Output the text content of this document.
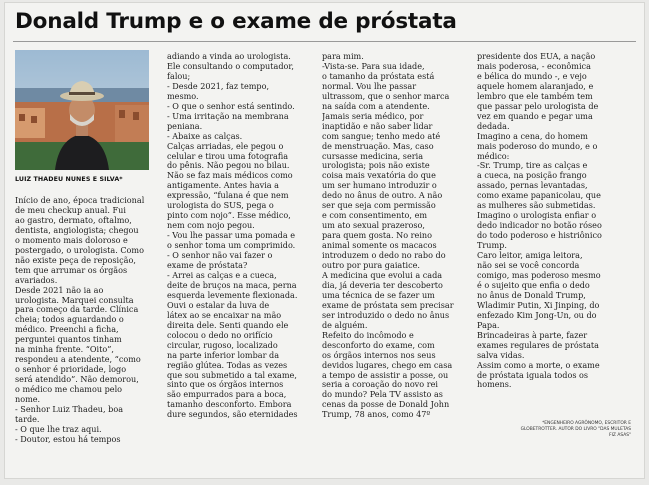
Donald Trump e o exame de próstata
LUIZ THADEU NUNES E SILVA*
Início de ano, época tradicional
de meu checkup anual. Fui
ao gastro, dermato, oftalmo,
dentista, angiologista; chegou
o momento mais doloroso e
postergado, o urologista. Como
não existe peça de reposição,
tem que arrumar os órgãos
avariados.
Desde 2021 não ia ao
urologista. Marquei consulta
para começo da tarde. Clínica
cheia; todos aguardando o
médico. Preenchi a ficha,
perguntei quantos tinham
na minha frente. “Oito”,
respondeu a atendente, “como
o senhor é prioridade, logo
será atendido”. Não demorou,
o médico me chamou pelo
nome.
- Senhor Luiz Thadeu, boa
tarde.
- O que lhe traz aqui.
- Doutor, estou há tempos
adiando a vinda ao urologista.
Ele consultando o computador,
falou;
- Desde 2021, faz tempo,
mesmo.
- O que o senhor está sentindo.
- Uma irritação na membrana
peniana.
- Abaixe as calças.
Calças arriadas, ele pegou o
celular e tirou uma fotografia
do pênis. Não pegou no bilau.
Não se faz mais médicos como
antigamente. Antes havia a
expressão, “fulana é que nem
urologista do SUS, pega o
pinto com nojo”. Esse médico,
nem com nojo pegou.
- Vou lhe passar uma pomada e
o senhor toma um comprimido.
- O senhor não vai fazer o
exame de próstata?
- Arrei as calças e a cueca,
deite de bruços na maca, perna
esquerda levemente flexionada.
Ouvi o estalar da luva de
látex ao se encaixar na mão
direita dele. Senti quando ele
colocou o dedo no orifício
circular, rugoso, localizado
na parte inferior lombar da
região glútea. Todas as vezes
que sou submetido a tal exame,
sinto que os órgãos internos
são empurrados para a boca,
tamanho desconforto. Embora
dure segundos, são eternidades
para mim.
-Vista-se. Para sua idade,
o tamanho da próstata está
normal. Vou lhe passar
ultrassom, que o senhor marca
na saída com a atendente.
Jamais seria médico, por
inaptidão e não saber lidar
com sangue; tenho medo até
de menstruação. Mas, caso
cursasse medicina, seria
urologista; pois não existe
coisa mais vexatória do que
um ser humano introduzir o
dedo no ânus de outro. A não
ser que seja com permissão
e com consentimento, em
um ato sexual prazeroso,
para quem gosta. No reino
animal somente os macacos
introduzem o dedo no rabo do
outro por pura gaiatice.
A medicina que evolui a cada
dia, já deveria ter descoberto
uma técnica de se fazer um
exame de próstata sem precisar
ser introduzido o dedo no ânus
de alguém.
Refeito do incômodo e
desconforto do exame, com
os órgãos internos nos seus
devidos lugares, chego em casa
a tempo de assistir a posse, ou
seria a coroação do novo rei
do mundo? Pela TV assisto as
cenas da posse de Donald John
Trump, 78 anos, como 47º
presidente dos EUA, a nação
mais poderosa, - econômica
e bélica do mundo -, e vejo
aquele homem alaranjado, e
lembro que ele também tem
que passar pelo urologista de
vez em quando e pegar uma
dedada.
Imagino a cena, do homem
mais poderoso do mundo, e o
médico:
-Sr. Trump, tire as calças e
a cueca, na posição frango
assado, pernas levantadas,
como exame papanicolau, que
as mulheres são submetidas.
Imagino o urologista enfiar o
dedo indicador no botão róseo
do todo poderoso e histriônico
Trump.
Caro leitor, amiga leitora,
não sei se você concorda
comigo, mas poderoso mesmo
é o sujeito que enfia o dedo
no ânus de Donald Trump,
Wladimir Putin, Xi Jinping, do
enfezado Kim Jong-Un, ou do
Papa.
Brincadeiras à parte, fazer
exames regulares de próstata
salva vidas.
Assim como a morte, o exame
de próstata iguala todos os
homens.
*ENGENHEIRO AGRÔNOMO, ESCRITOR E
GLOBETROTTER. AUTOR DO LIVRO "DAS MULETAS
FIZ ASAS"
